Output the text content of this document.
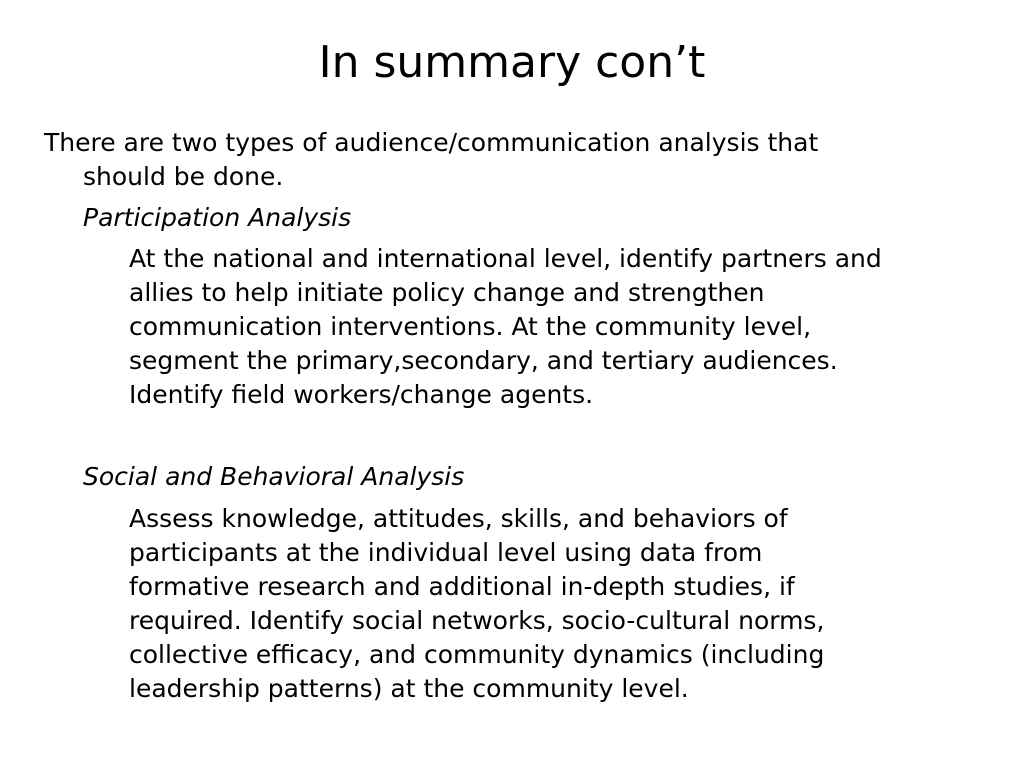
In summary con’t
There are two types of audience/communication analysis that
should be done.
Participation Analysis
At the national and international level, identify partners and
allies to help initiate policy change and strengthen
communication interventions. At the community level,
segment the primary,secondary, and tertiary audiences.
Identify field workers/change agents.
Social and Behavioral Analysis
Assess knowledge, attitudes, skills, and behaviors of
participants at the individual level using data from
formative research and additional in-depth studies, if
required. Identify social networks, socio-cultural norms,
collective efficacy, and community dynamics (including
leadership patterns) at the community level.
